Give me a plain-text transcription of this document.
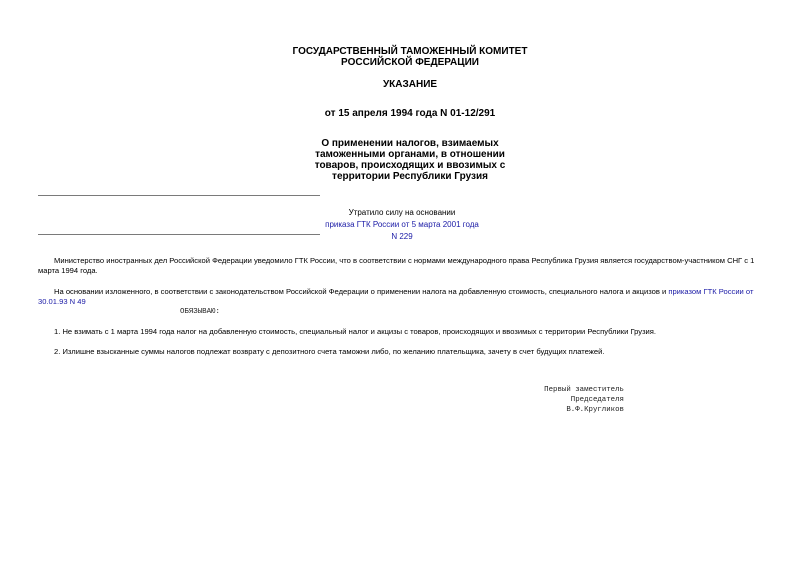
ГОСУДАРСТВЕННЫЙ ТАМОЖЕННЫЙ КОМИТЕТ
РОССИЙСКОЙ ФЕДЕРАЦИИ
УКАЗАНИЕ
от 15 апреля 1994 года N 01-12/291
О применении налогов, взимаемых
таможенными органами, в отношении
товаров, происходящих и ввозимых с
территории Республики Грузия
Утратило силу на основании
приказа ГТК России от 5 марта 2001 года N 229
Министерство иностранных дел Российской Федерации уведомило ГТК России, что в соответствии с нормами международного права Республика Грузия является государством-участником СНГ с 1 марта 1994 года.
На основании изложенного, в соответствии с законодательством Российской Федерации о применении налога на добавленную стоимость, специального налога и акцизов и приказом ГТК России от 30.01.93 N 49
ОБЯЗЫВАЮ:
1. Не взимать с 1 марта 1994 года налог на добавленную стоимость, специальный налог и акцизы с товаров, происходящих и ввозимых с территории Республики Грузия.
2. Излишне взысканные суммы налогов подлежат возврату с депозитного счета таможни либо, по желанию плательщика, зачету в счет будущих платежей.
Первый заместитель
Председателя
В.Ф.Кругликов
